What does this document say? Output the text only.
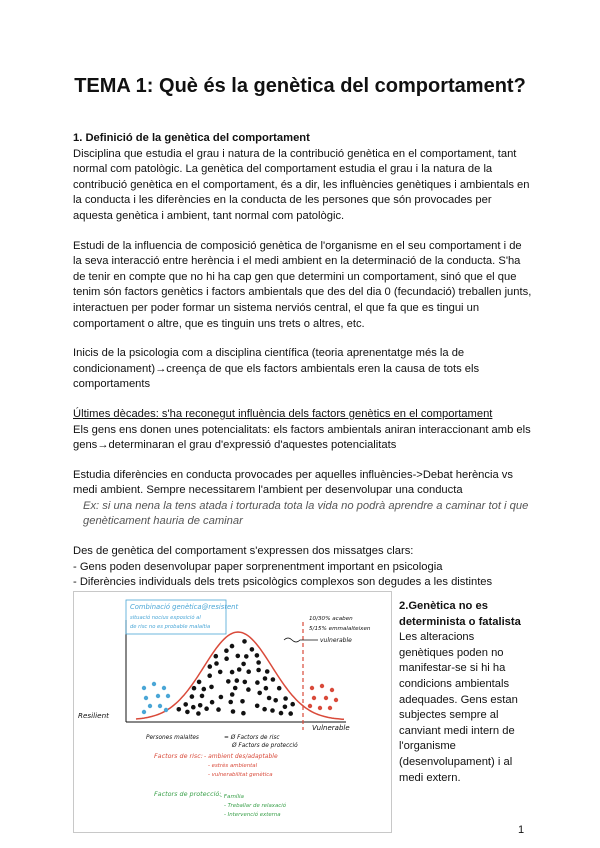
TEMA 1: Què és la genètica del comportament?

1. Definició de la genètica del comportament
Disciplina que estudia el grau i natura de la contribució genètica en el comportament, tant normal com patològic. La genètica del comportament estudia el grau i la natura de la contribució genètica en el comportament, és a dir, les influències genètiques i ambientals en la conducta i les diferències en la conducta de les persones que són provocades per aquesta genètica i ambient, tant normal com patològic.

Estudi de la influencia de composició genètica de l'organisme en el seu comportament i de la seva interacció entre herència i el medi ambient en la determinació de la conducta. S'ha de tenir en compte que no hi ha cap gen que determini un comportament, sinó que el que tenim són factors genètics i factors ambientals que des del dia 0 (fecundació) treballen junts, interactuen per poder formar un sistema nerviós central, el que fa que es tingui un comportament o altre, que es tinguin uns trets o altres, etc.

Inicis de la psicologia com a disciplina científica (teoria aprenentatge més la de condicionament)→creença de que els factors ambientals eren la causa de tots els comportaments

Últimes dècades: s'ha reconegut influència dels factors genètics en el comportament
Els gens ens donen unes potencialitats: els factors ambientals aniran interaccionant amb els gens→determinaran el grau d'expressió d'aquestes potencialitats

Estudia diferències en conducta provocades per aquelles influències->Debat herència vs medi ambient. Sempre necessitarem l'ambient per desenvolupar una conducta
Ex: si una nena la tens atada i torturada tota la vida no podrà aprendre a caminar tot i que genèticament hauria de caminar

Des de genètica del comportament s'expressen dos missatges clars:
- Gens poden desenvolupar paper sorprenentment important en psicologia
- Diferències individuals dels trets psicològics complexos son degudes a les distintes

Combinació genètica@resistent
situació nocius exposició al
de risc no es probable malaltia
10/30% acaben
5/15% emmalalteixen
vulnerable
Resilient
Vulnerable
Persones malaltes	= Ø Factors de risc
Ø Factors de protecció
Factors de risc: - ambient des/adaptable
- estrès ambiental
- vulnerabilitat genètica
Factors de protecció:
- Família
- Treballar de relaxació
- Intervenció externa
2.Genètica no es determinista o fatalista
Les alteracions genètiques poden no manifestar-se si hi ha condicions ambientals adequades. Gens estan subjectes sempre al canviant medi intern de l'organisme (desenvolupament) i al medi extern.
1
